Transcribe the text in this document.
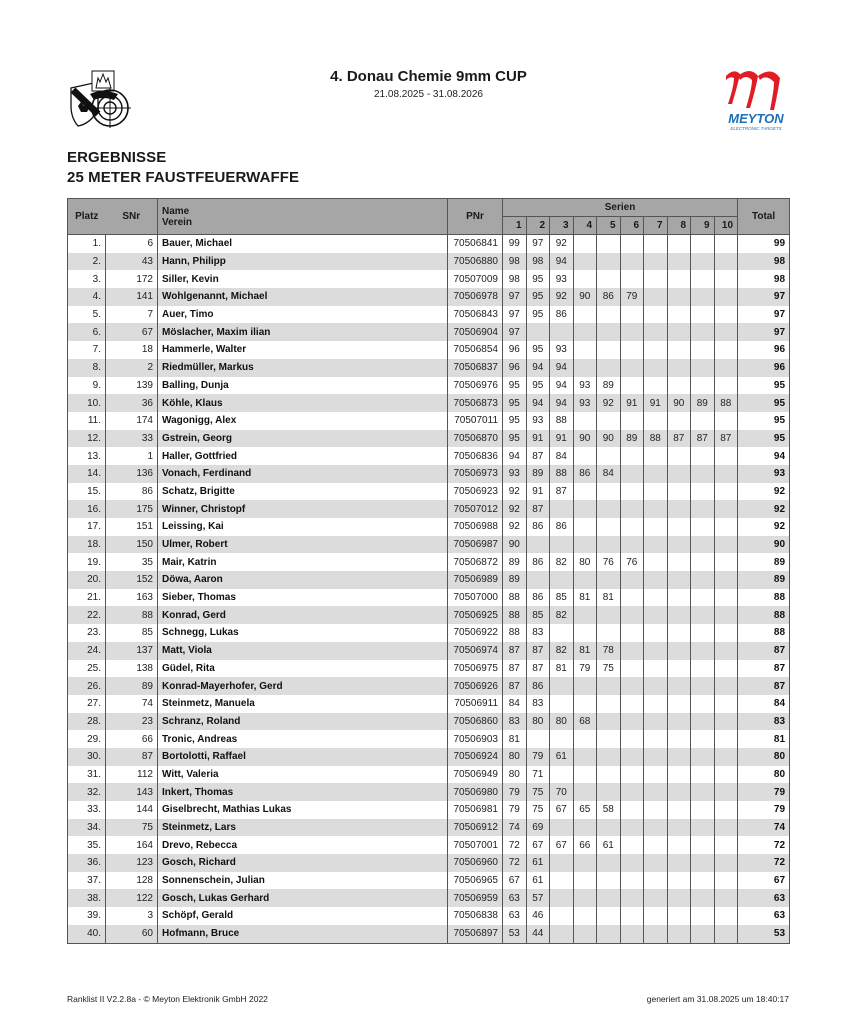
4. Donau Chemie 9mm CUP
21.08.2025 - 31.08.2026
MEYTON
ELECTRONIC TARGETS
ERGEBNISSE
25 METER FAUSTFEUERWAFFE
Platz	SNr	Name
Verein	PNr	Serien										Total
				1	2	3	4	5	6	7	8	9	10	
1.	6	Bauer, Michael	70506841	99	97	92								99
2.	43	Hann, Philipp	70506880	98	98	94								98
3.	172	Siller, Kevin	70507009	98	95	93								98
4.	141	Wohlgenannt, Michael	70506978	97	95	92	90	86	79					97
5.	7	Auer, Timo	70506843	97	95	86								97
6.	67	Möslacher, Maxim ilian	70506904	97										97
7.	18	Hammerle, Walter	70506854	96	95	93								96
8.	2	Riedmüller, Markus	70506837	96	94	94								96
9.	139	Balling, Dunja	70506976	95	95	94	93	89						95
10.	36	Köhle, Klaus	70506873	95	94	94	93	92	91	91	90	89	88	95
11.	174	Wagonigg, Alex	70507011	95	93	88								95
12.	33	Gstrein, Georg	70506870	95	91	91	90	90	89	88	87	87	87	95
13.	1	Haller, Gottfried	70506836	94	87	84								94
14.	136	Vonach, Ferdinand	70506973	93	89	88	86	84						93
15.	86	Schatz, Brigitte	70506923	92	91	87								92
16.	175	Winner, Christopf	70507012	92	87									92
17.	151	Leissing, Kai	70506988	92	86	86								92
18.	150	Ulmer, Robert	70506987	90										90
19.	35	Mair, Katrin	70506872	89	86	82	80	76	76					89
20.	152	Döwa, Aaron	70506989	89										89
21.	163	Sieber, Thomas	70507000	88	86	85	81	81						88
22.	88	Konrad, Gerd	70506925	88	85	82								88
23.	85	Schnegg, Lukas	70506922	88	83									88
24.	137	Matt, Viola	70506974	87	87	82	81	78						87
25.	138	Güdel, Rita	70506975	87	87	81	79	75						87
26.	89	Konrad-Mayerhofer, Gerd	70506926	87	86									87
27.	74	Steinmetz, Manuela	70506911	84	83									84
28.	23	Schranz, Roland	70506860	83	80	80	68							83
29.	66	Tronic, Andreas	70506903	81										81
30.	87	Bortolotti, Raffael	70506924	80	79	61								80
31.	112	Witt, Valeria	70506949	80	71									80
32.	143	Inkert, Thomas	70506980	79	75	70								79
33.	144	Giselbrecht, Mathias Lukas	70506981	79	75	67	65	58						79
34.	75	Steinmetz, Lars	70506912	74	69									74
35.	164	Drevo, Rebecca	70507001	72	67	67	66	61						72
36.	123	Gosch, Richard	70506960	72	61									72
37.	128	Sonnenschein, Julian	70506965	67	61									67
38.	122	Gosch, Lukas Gerhard	70506959	63	57									63
39.	3	Schöpf, Gerald	70506838	63	46									63
40.	60	Hofmann, Bruce	70506897	53	44									53
Ranklist II V2.2.8a - © Meyton Elektronik GmbH 2022	generiert am 31.08.2025 um 18:40:17
